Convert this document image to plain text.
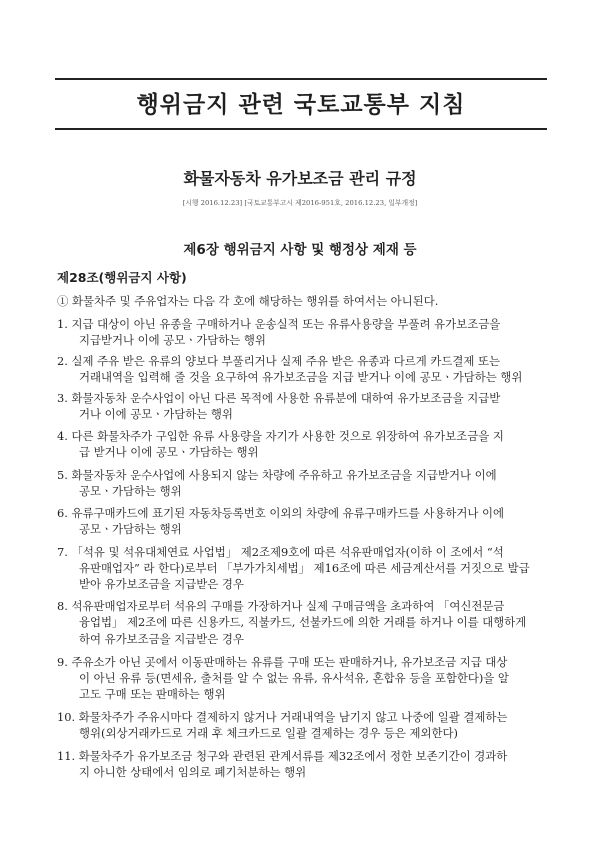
행위금지 관련 국토교통부 지침
화물자동차 유가보조금 관리 규정
[시행 2016.12.23] [국토교통부고시 제2016-951호, 2016.12.23, 일부개정]
제6장 행위금지 사항 및 행정상 제재 등
제28조(행위금지 사항)
① 화물차주 및 주유업자는 다음 각 호에 해당하는 행위를 하여서는 아니된다.
1. 지급 대상이 아닌 유종을 구매하거나 운송실적 또는 유류사용량을 부풀려 유가보조금을
지급받거나 이에 공모ㆍ가담하는 행위
2. 실제 주유 받은 유류의 양보다 부풀리거나 실제 주유 받은 유종과 다르게 카드결제 또는
거래내역을 입력해 줄 것을 요구하여 유가보조금을 지급 받거나 이에 공모ㆍ가담하는 행위
3. 화물자동차 운수사업이 아닌 다른 목적에 사용한 유류분에 대하여 유가보조금을 지급받
거나 이에 공모ㆍ가담하는 행위
4. 다른 화물차주가 구입한 유류 사용량을 자기가 사용한 것으로 위장하여 유가보조금을 지
급 받거나 이에 공모ㆍ가담하는 행위
5. 화물자동차 운수사업에 사용되지 않는 차량에 주유하고 유가보조금을 지급받거나 이에
공모ㆍ가담하는 행위
6. 유류구매카드에 표기된 자동차등록번호 이외의 차량에 유류구매카드를 사용하거나 이에
공모ㆍ가담하는 행위
7. 「석유 및 석유대체연료 사업법」 제2조제9호에 따른 석유판매업자(이하 이 조에서 “석
유판매업자” 라 한다)로부터 「부가가치세법」 제16조에 따른 세금계산서를 거짓으로 발급
받아 유가보조금을 지급받은 경우
8. 석유판매업자로부터 석유의 구매를 가장하거나 실제 구매금액을 초과하여 「여신전문금
융업법」 제2조에 따른 신용카드, 직불카드, 선불카드에 의한 거래를 하거나 이를 대행하게
하여 유가보조금을 지급받은 경우
9. 주유소가 아닌 곳에서 이동판매하는 유류를 구매 또는 판매하거나, 유가보조금 지급 대상
이 아닌 유류 등(면세유, 출처를 알 수 없는 유류, 유사석유, 혼합유 등을 포함한다)을 알
고도 구매 또는 판매하는 행위
10. 화물차주가 주유시마다 결제하지 않거나 거래내역을 남기지 않고 나중에 일괄 결제하는
행위(외상거래카드로 거래 후 체크카드로 일괄 결제하는 경우 등은 제외한다)
11. 화물차주가 유가보조금 청구와 관련된 관계서류를 제32조에서 정한 보존기간이 경과하
지 아니한 상태에서 임의로 폐기처분하는 행위
